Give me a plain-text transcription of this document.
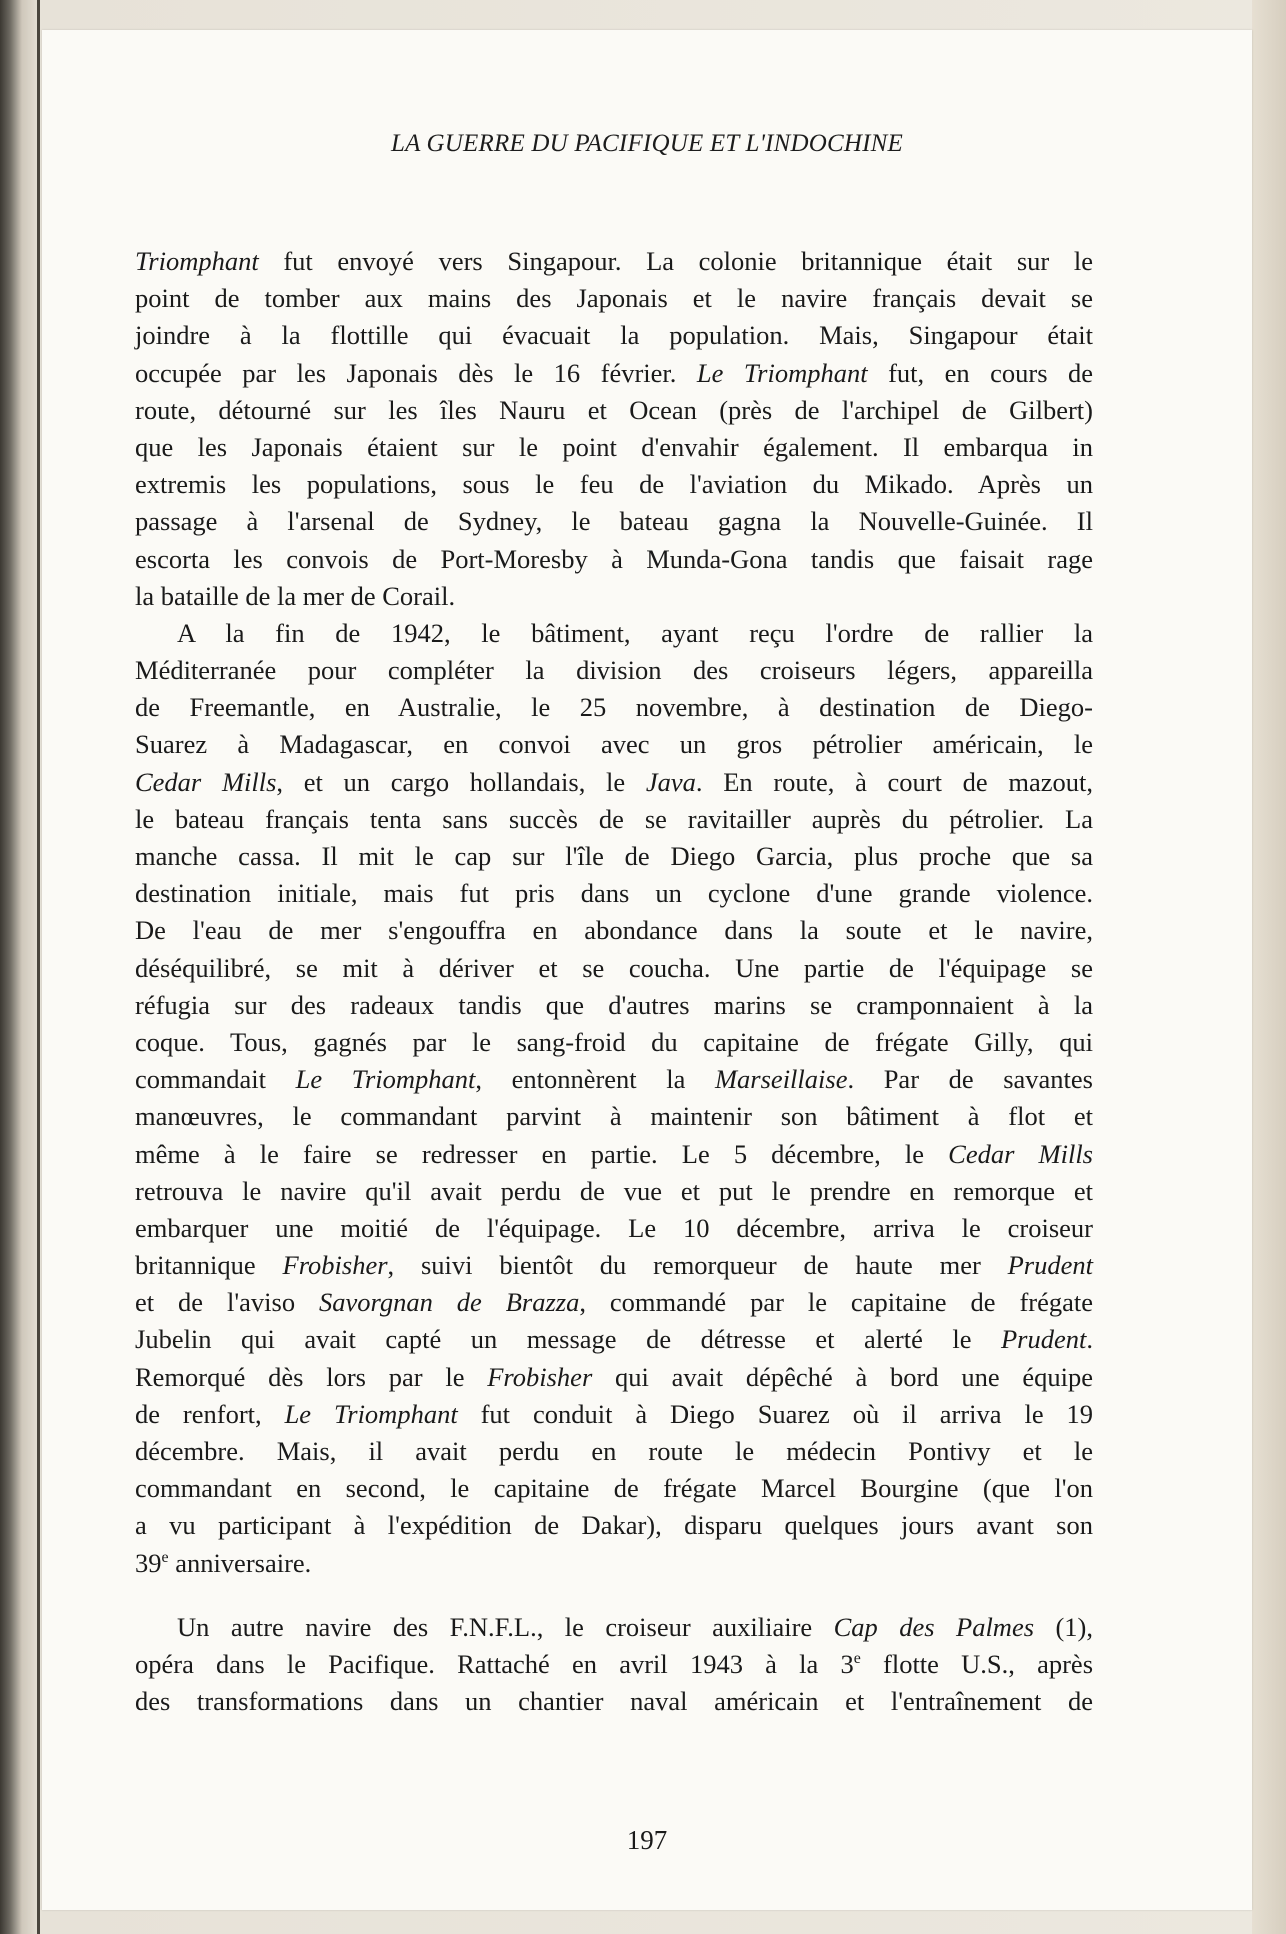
LA GUERRE DU PACIFIQUE ET L'INDOCHINE
Triomphant fut envoyé vers Singapour. La colonie britannique était sur le
point de tomber aux mains des Japonais et le navire français devait se
joindre à la flottille qui évacuait la population. Mais, Singapour était
occupée par les Japonais dès le 16 février. Le Triomphant fut, en cours de
route, détourné sur les îles Nauru et Ocean (près de l'archipel de Gilbert)
que les Japonais étaient sur le point d'envahir également. Il embarqua in
extremis les populations, sous le feu de l'aviation du Mikado. Après un
passage à l'arsenal de Sydney, le bateau gagna la Nouvelle-Guinée. Il
escorta les convois de Port-Moresby à Munda-Gona tandis que faisait rage
la bataille de la mer de Corail.
A la fin de 1942, le bâtiment, ayant reçu l'ordre de rallier la
Méditerranée pour compléter la division des croiseurs légers, appareilla
de Freemantle, en Australie, le 25 novembre, à destination de Diego-
Suarez à Madagascar, en convoi avec un gros pétrolier américain, le
Cedar Mills, et un cargo hollandais, le Java. En route, à court de mazout,
le bateau français tenta sans succès de se ravitailler auprès du pétrolier. La
manche cassa. Il mit le cap sur l'île de Diego Garcia, plus proche que sa
destination initiale, mais fut pris dans un cyclone d'une grande violence.
De l'eau de mer s'engouffra en abondance dans la soute et le navire,
déséquilibré, se mit à dériver et se coucha. Une partie de l'équipage se
réfugia sur des radeaux tandis que d'autres marins se cramponnaient à la
coque. Tous, gagnés par le sang-froid du capitaine de frégate Gilly, qui
commandait Le Triomphant, entonnèrent la Marseillaise. Par de savantes
manœuvres, le commandant parvint à maintenir son bâtiment à flot et
même à le faire se redresser en partie. Le 5 décembre, le Cedar Mills
retrouva le navire qu'il avait perdu de vue et put le prendre en remorque et
embarquer une moitié de l'équipage. Le 10 décembre, arriva le croiseur
britannique Frobisher, suivi bientôt du remorqueur de haute mer Prudent
et de l'aviso Savorgnan de Brazza, commandé par le capitaine de frégate
Jubelin qui avait capté un message de détresse et alerté le Prudent.
Remorqué dès lors par le Frobisher qui avait dépêché à bord une équipe
de renfort, Le Triomphant fut conduit à Diego Suarez où il arriva le 19
décembre. Mais, il avait perdu en route le médecin Pontivy et le
commandant en second, le capitaine de frégate Marcel Bourgine (que l'on
a vu participant à l'expédition de Dakar), disparu quelques jours avant son
39e anniversaire.
Un autre navire des F.N.F.L., le croiseur auxiliaire Cap des Palmes (1),
opéra dans le Pacifique. Rattaché en avril 1943 à la 3e flotte U.S., après
des transformations dans un chantier naval américain et l'entraînement de
197
